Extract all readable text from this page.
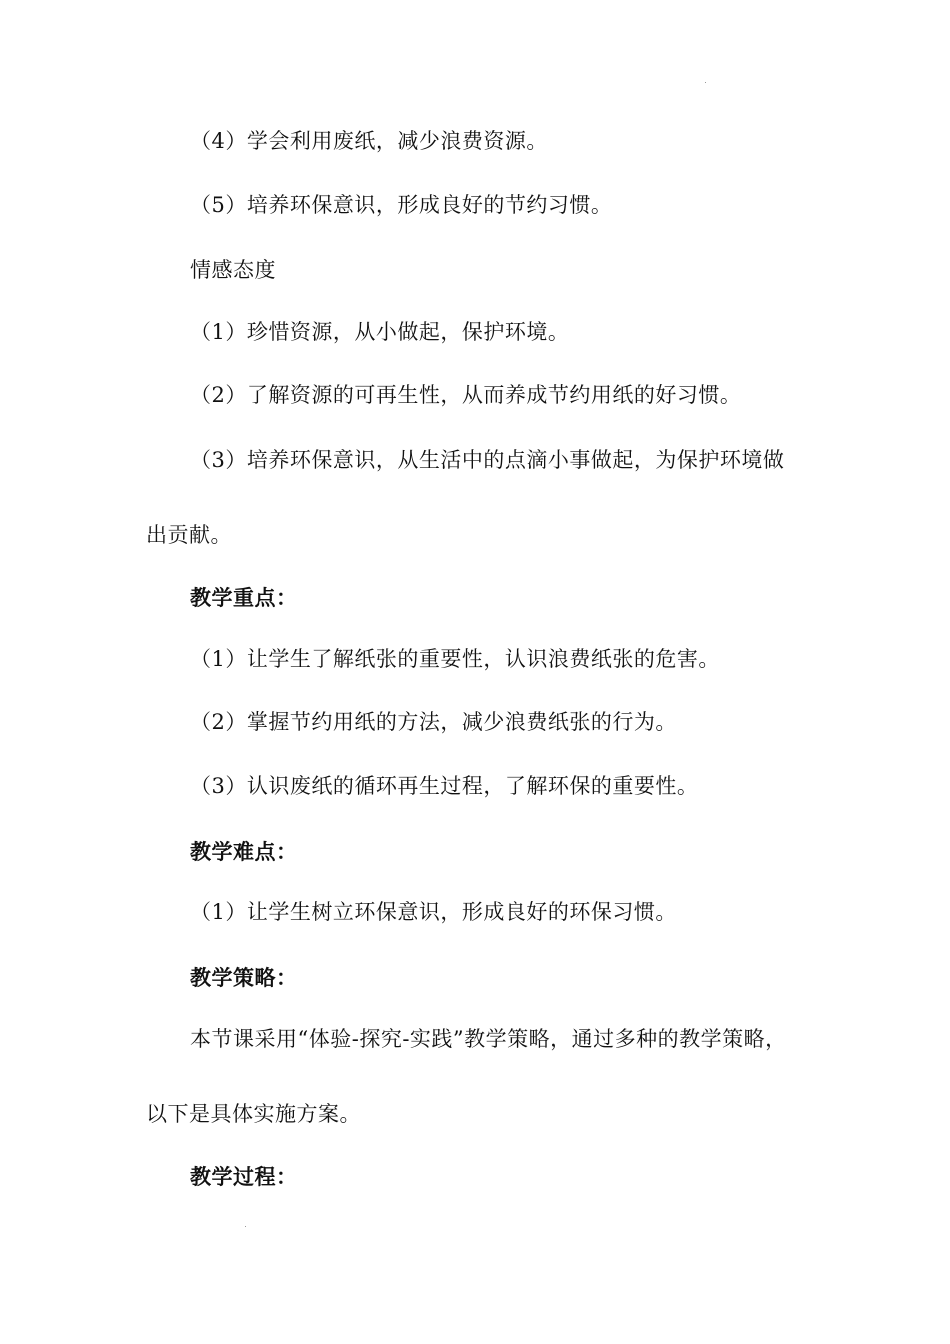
（4）学会利用废纸，减少浪费资源。
（5）培养环保意识，形成良好的节约习惯。
情感态度
（1）珍惜资源，从小做起，保护环境。
（2）了解资源的可再生性，从而养成节约用纸的好习惯。
（3）培养环保意识，从生活中的点滴小事做起，为保护环境做
出贡献。
教学重点：
（1）让学生了解纸张的重要性，认识浪费纸张的危害。
（2）掌握节约用纸的方法，减少浪费纸张的行为。
（3）认识废纸的循环再生过程，了解环保的重要性。
教学难点：
（1）让学生树立环保意识，形成良好的环保习惯。
教学策略：
本节课采用“体验-探究-实践”教学策略，通过多种的教学策略，
以下是具体实施方案。
教学过程：
